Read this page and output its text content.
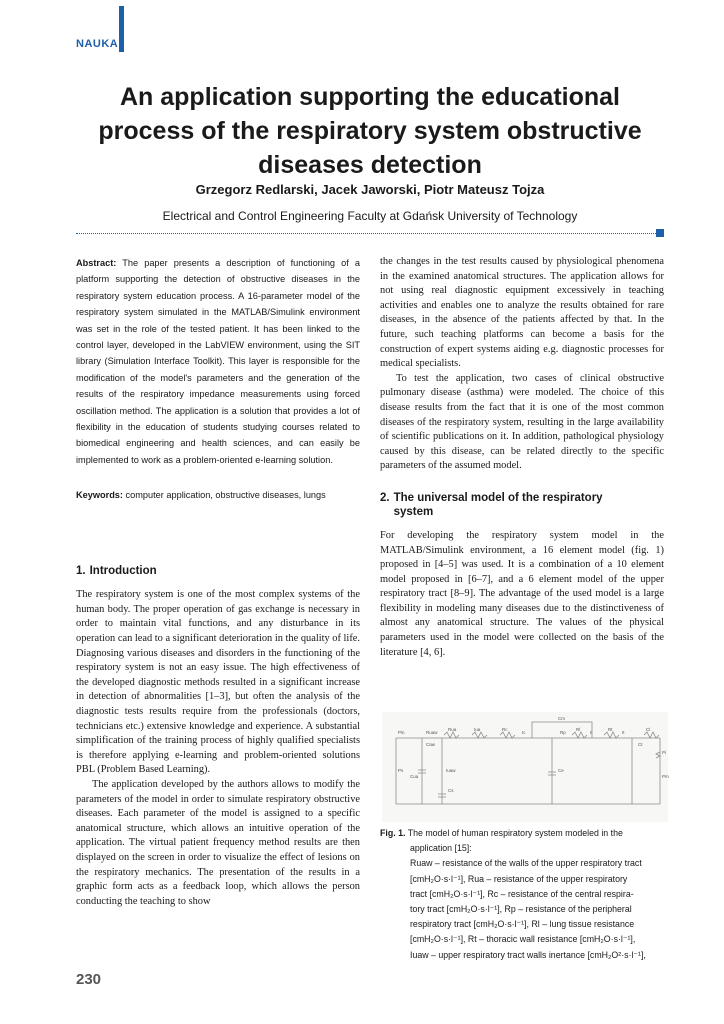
NAUKA
An application supporting the educational
process of the respiratory system obstructive
diseases detection
Grzegorz Redlarski, Jacek Jaworski, Piotr Mateusz Tojza
Electrical and Control Engineering Faculty at Gdańsk University of Technology

Abstract: The paper presents a description of functioning of a platform supporting the detection of obstructive diseases in the respiratory system education process. A 16-parameter model of the respiratory system simulated in the MATLAB/Simulink environment was set in the role of the tested patient. It has been linked to the control layer, developed in the LabVIEW environment, using the SIT library (Simulation Interface Toolkit). This layer is responsible for the modification of the model's parameters and the generation of the results of the respiratory impedance measurements using forced oscillation method. The application is a solution that provides a lot of flexibility in the education of students studying courses related to biomedical engineering and health sciences, and can easily be implemented to work as a problem-oriented e-learning solution.

Keywords: computer application, obstructive diseases, lungs

1. Introduction

The respiratory system is one of the most complex systems of the human body. The proper operation of gas exchange is necessary in order to maintain vital functions, and any disturbance in its operation can lead to a significant deterioration in the quality of life. Diagnosing various diseases and disorders in the functioning of the respiratory system is not an easy issue. The high effectiveness of the developed diagnostic methods resulted in a significant increase in detection of abnormalities [1–3], but often the analysis of the diagnostic tests results require from the professionals (doctors, technicians etc.) extensive knowledge and experience. A substantial simplification of the training process of highly qualified specialists is therefore applying e-learning and problem-oriented solutions PBL (Problem Based Learning).

The application developed by the authors allows to modify the parameters of the model in order to simulate respiratory obstructive diseases. Each parameter of the model is assigned to a specific anatomical structure, which allows an intuitive operation of the application. The virtual patient frequency method results are then displayed on the screen in order to visualize the effect of lesions on the respiratory mechanics. The presentation of the results in a graphic form acts as a feedback loop, which allows the person conducting the teaching to show

the changes in the test results caused by physiological phenomena in the examined anatomical structures. The application allows for not using real diagnostic equipment excessively in teaching activities and enables one to analyze the results obtained for rare diseases, in the absence of the patients affected by that. In the future, such teaching platforms can become a basis for the construction of expert systems aiding e.g. diagnostic processes for medical specialists.

To test the application, two cases of clinical obstructive pulmonary disease (asthma) were modeled. The choice of this disease results from the fact that it is one of the most common diseases of the respiratory system, resulting in the large availability of scientific publications on it. In addition, pathological physiology caused by this disease, can be related directly to the specific parameters of the assumed model.

2. The universal model of the respiratory
system

For developing the respiratory system model in the MATLAB/Simulink environment, a 16 element model (fig. 1) proposed in [4–5] was used. It is a combination of a 10 element model proposed in [6–7], and a 6 element model of the upper respiratory tract [8–9]. The advantage of the used model is a large flexibility in modeling many diseases due to the distinctiveness of almost any anatomical structure. The values of the physical parameters used in the model were collected on the basis of the literature [4, 6].

Cm
Pin	Ruaw
Rua	Iua	Rc
Ic	Rp
Rl
Il
Rt
It
Cl
Ct
Caw
Ps
Cua
Iuaw
Pi
Pm
Ce
Cs
Fig. 1. The model of human respiratory system modeled in the
application [15]:
Ruaw – resistance of the walls of the upper respiratory tract
[cmH₂O·s·l⁻¹], Rua – resistance of the upper respiratory
tract [cmH₂O·s·l⁻¹], Rc – resistance of the central respira-
tory tract [cmH₂O·s·l⁻¹], Rp – resistance of the peripheral
respiratory tract [cmH₂O·s·l⁻¹], Rl – lung tissue resistance
[cmH₂O·s·l⁻¹], Rt – thoracic wall resistance [cmH₂O·s·l⁻¹],
Iuaw – upper respiratory tract walls inertance [cmH₂O²·s·l⁻¹],
230
